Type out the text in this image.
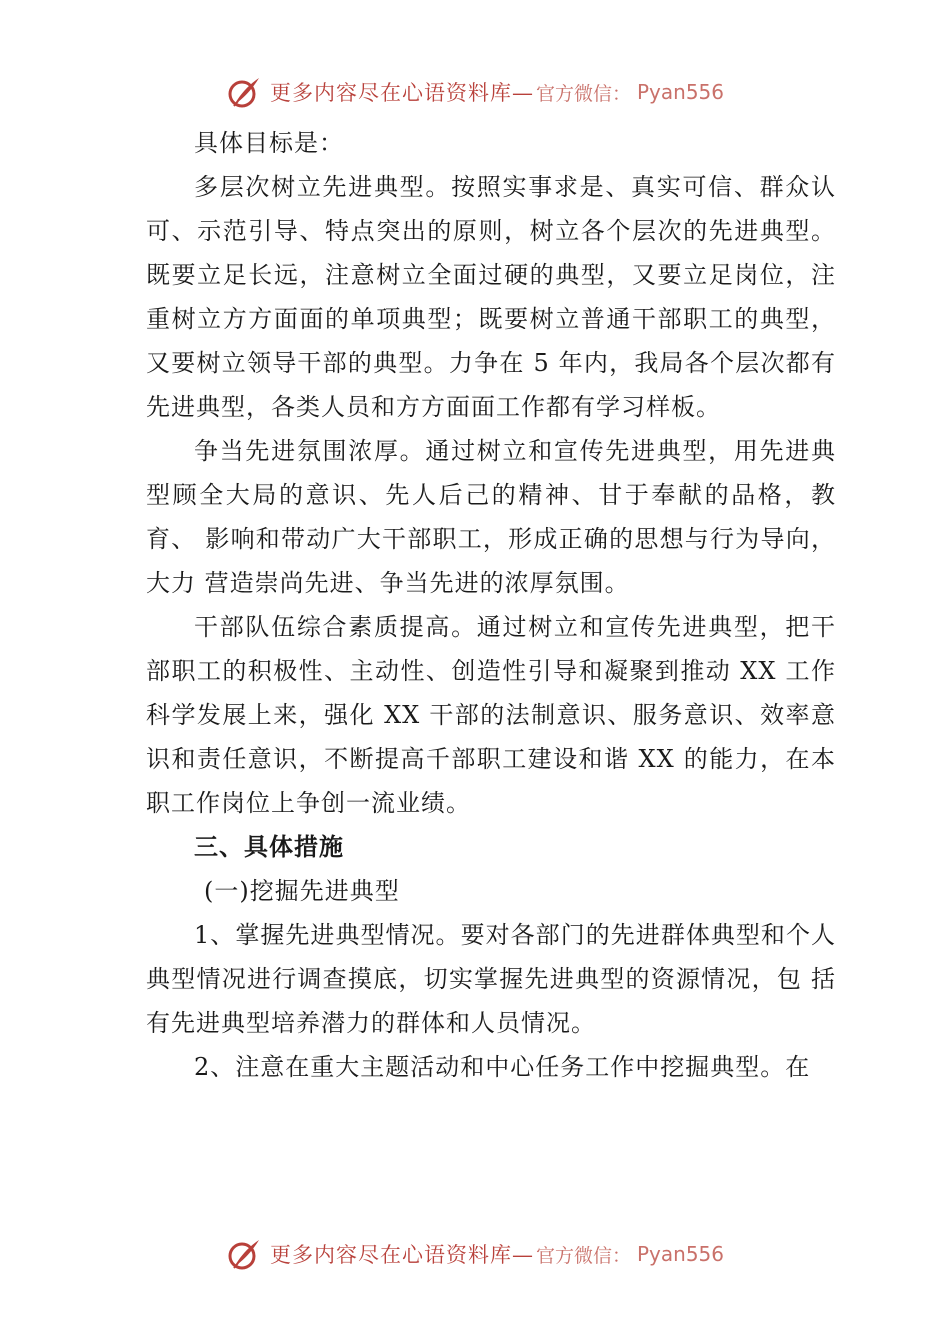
更多内容尽在心语资料库— 官方微信： Pyan556

具体目标是：

多层次树立先进典型。按照实事求是、真实可信、群众认可、示范引导、特点突出的原则，树立各个层次的先进典型。 既要立足长远，注意树立全面过硬的典型，又要立足岗位，注重树立方方面面的单项典型；既要树立普通干部职工的典型， 又要树立领导干部的典型。力争在 5 年内，我局各个层次都有先进典型，各类人员和方方面面工作都有学习样板。

争当先进氛围浓厚。通过树立和宣传先进典型，用先进典 型顾全大局的意识、先人后己的精神、甘于奉献的品格，教育、 影响和带动广大干部职工，形成正确的思想与行为导向，大力 营造崇尚先进、争当先进的浓厚氛围。

干部队伍综合素质提高。通过树立和宣传先进典型，把干 部职工的积极性、主动性、创造性引导和凝聚到推动 XX 工作科学发展上来，强化 XX 干部的法制意识、服务意识、效率意识和责任意识，不断提高千部职工建设和谐 XX 的能力，在本职工作岗位上争创一流业绩。

三、具体措施

(一)挖掘先进典型

1、掌握先进典型情况。要对各部门的先进群体典型和个人典型情况进行调查摸底，切实掌握先进典型的资源情况，包 括有先进典型培养潜力的群体和人员情况。

2、注意在重大主题活动和中心任务工作中挖掘典型。在

更多内容尽在心语资料库— 官方微信： Pyan556
